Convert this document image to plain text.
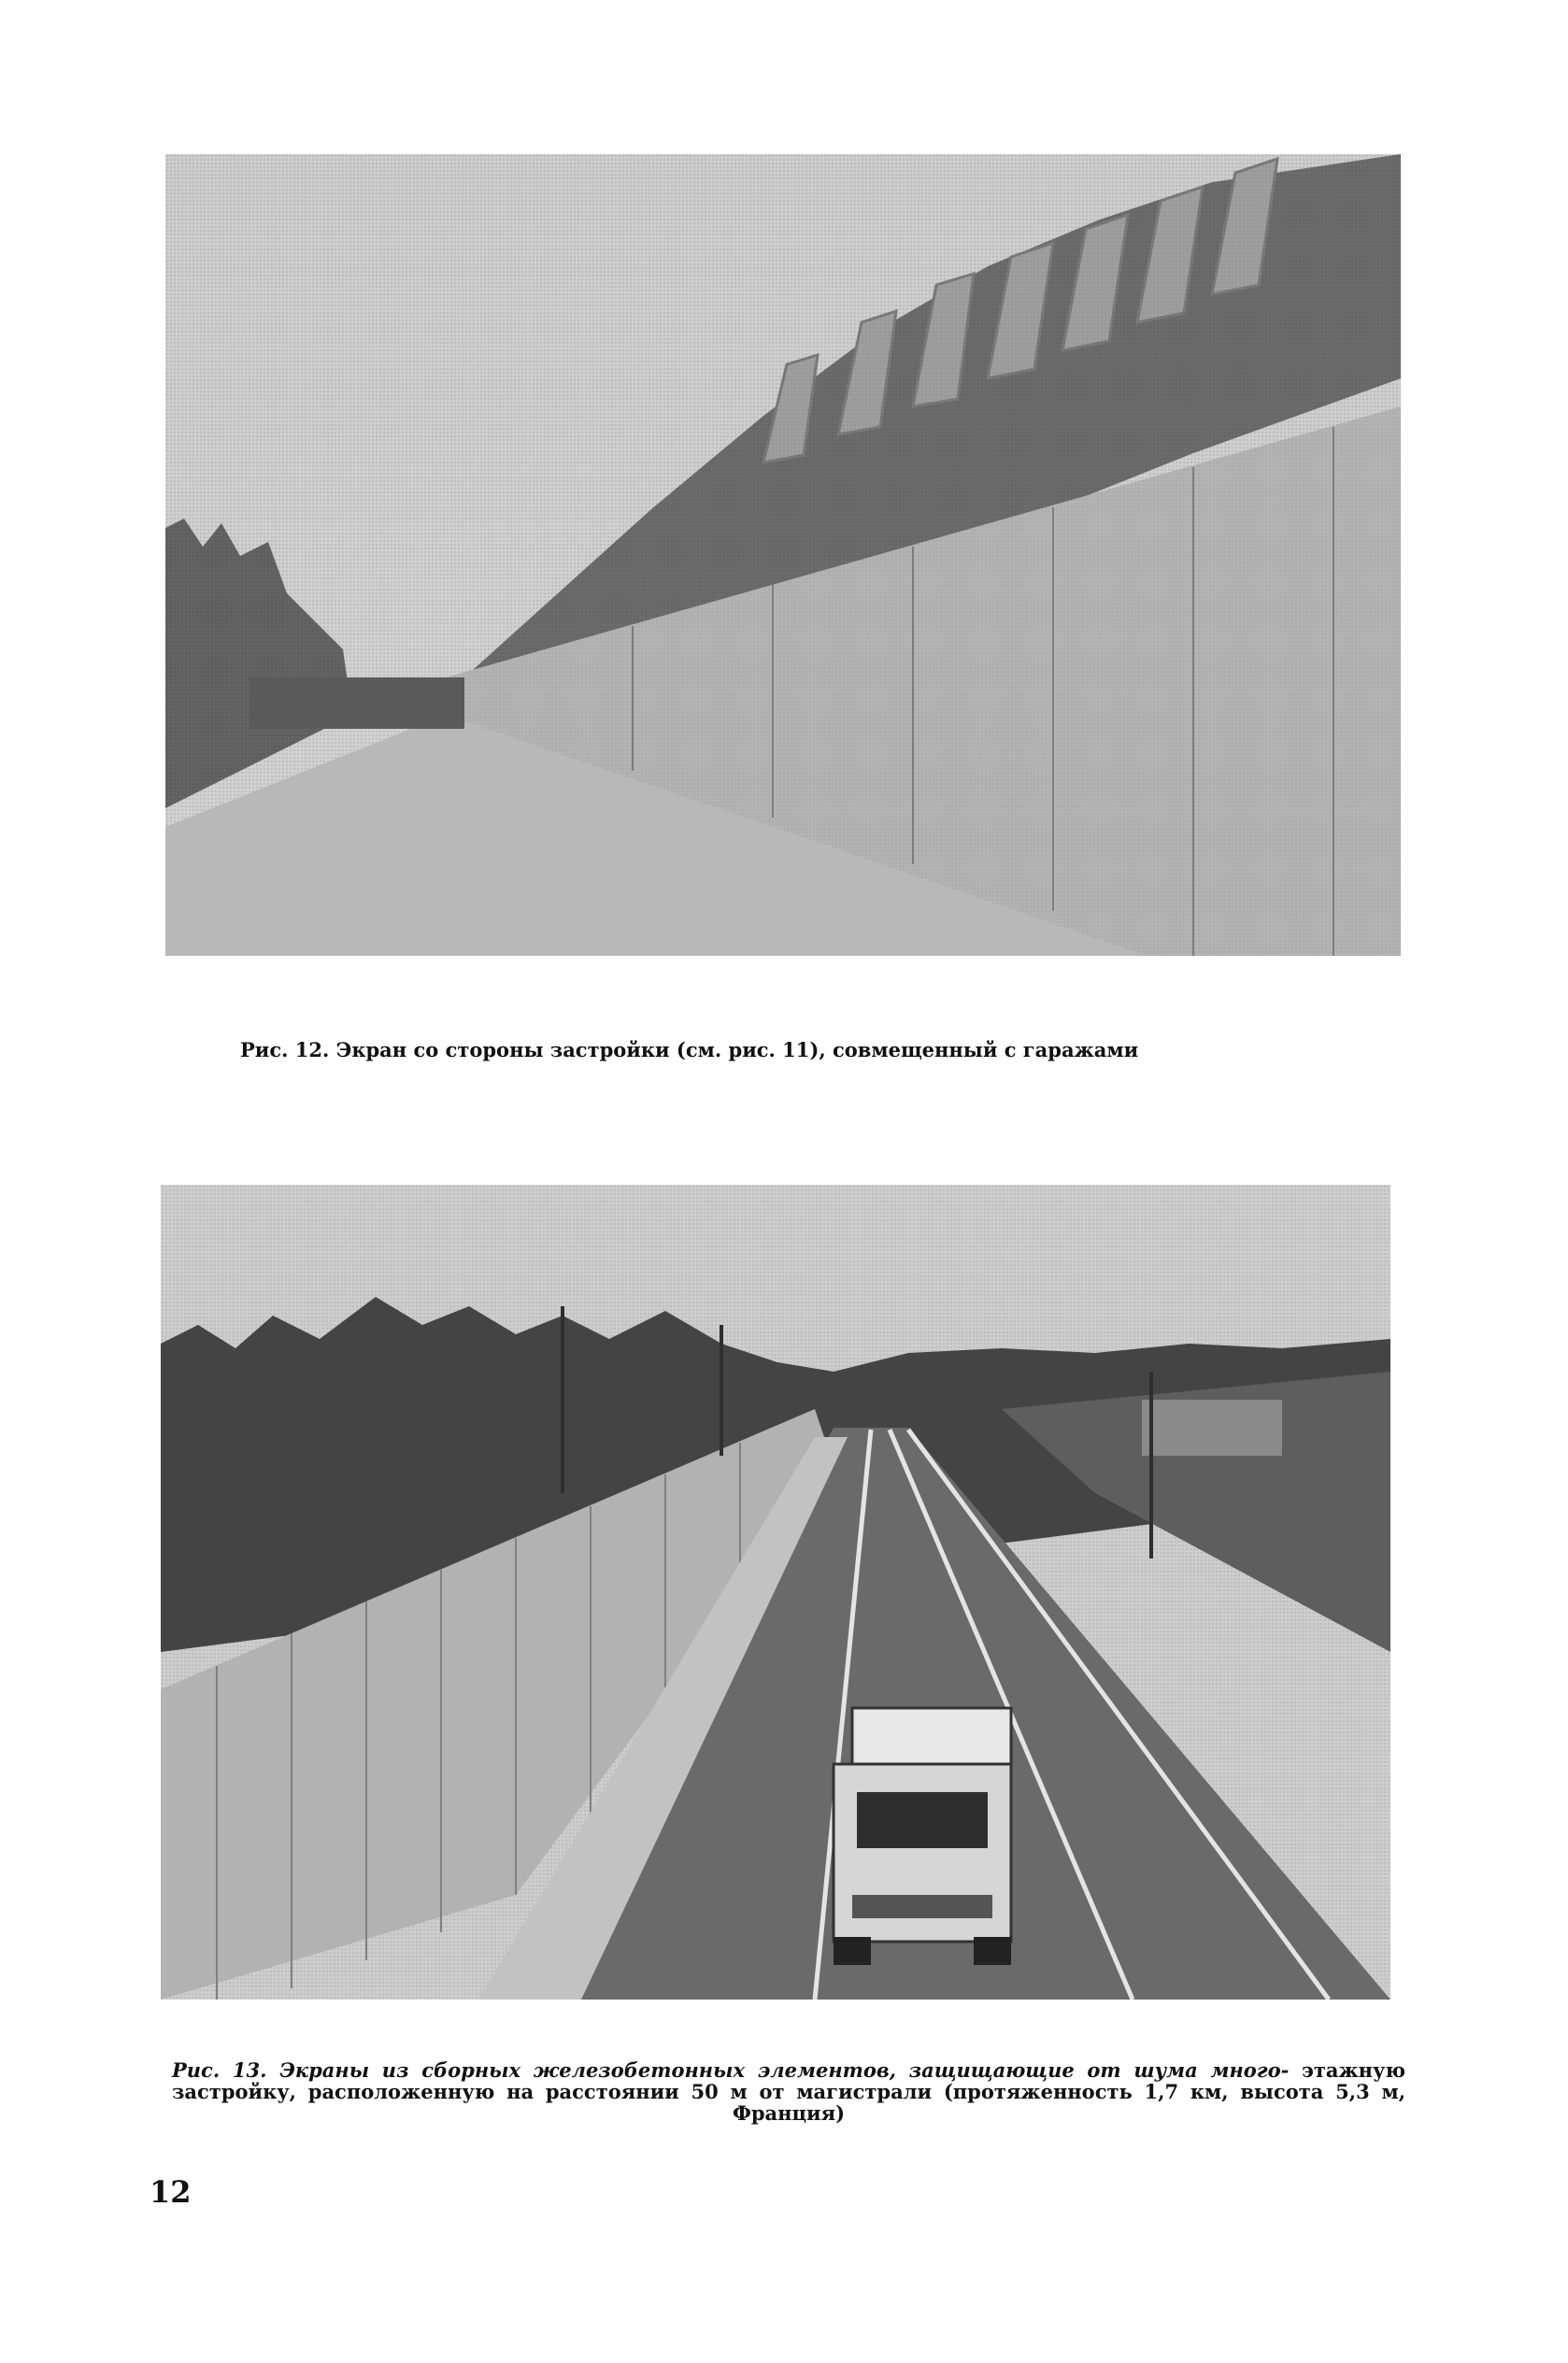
Рис. 12. Экран со стороны застройки (см. рис. 11), совмещенный с гаражами
Рис. 13. Экраны из сборных железобетонных элементов, защищающие от шума много- этажную застройку, расположенную на расстоянии 50 м от магистрали (протяженность 1,7 км, высота 5,3 м, Франция)
12
